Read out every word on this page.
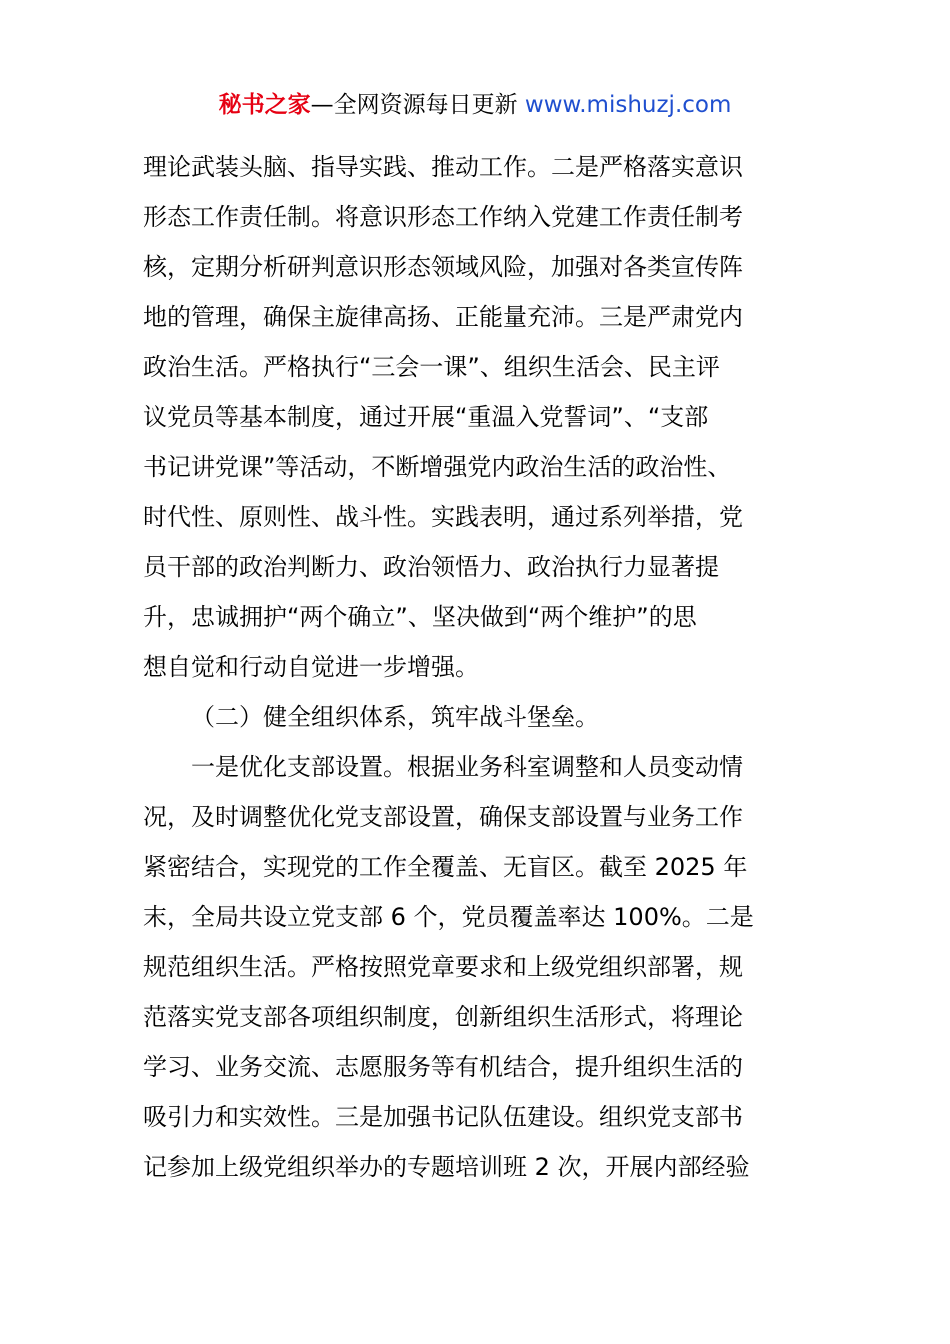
秘书之家—全网资源每日更新 www.mishuzj.com
理论武装头脑、指导实践、推动工作。二是严格落实意识
形态工作责任制。将意识形态工作纳入党建工作责任制考
核，定期分析研判意识形态领域风险，加强对各类宣传阵
地的管理，确保主旋律高扬、正能量充沛。三是严肃党内
政治生活。严格执行“三会一课”、组织生活会、民主评
议党员等基本制度，通过开展“重温入党誓词”、“支部
书记讲党课”等活动，不断增强党内政治生活的政治性、
时代性、原则性、战斗性。实践表明，通过系列举措，党
员干部的政治判断力、政治领悟力、政治执行力显著提
升，忠诚拥护“两个确立”、坚决做到“两个维护”的思
想自觉和行动自觉进一步增强。
（二）健全组织体系，筑牢战斗堡垒。
一是优化支部设置。根据业务科室调整和人员变动情
况，及时调整优化党支部设置，确保支部设置与业务工作
紧密结合，实现党的工作全覆盖、无盲区。截至 2025 年
末，全局共设立党支部 6 个，党员覆盖率达 100%。二是
规范组织生活。严格按照党章要求和上级党组织部署，规
范落实党支部各项组织制度，创新组织生活形式，将理论
学习、业务交流、志愿服务等有机结合，提升组织生活的
吸引力和实效性。三是加强书记队伍建设。组织党支部书
记参加上级党组织举办的专题培训班 2 次，开展内部经验
